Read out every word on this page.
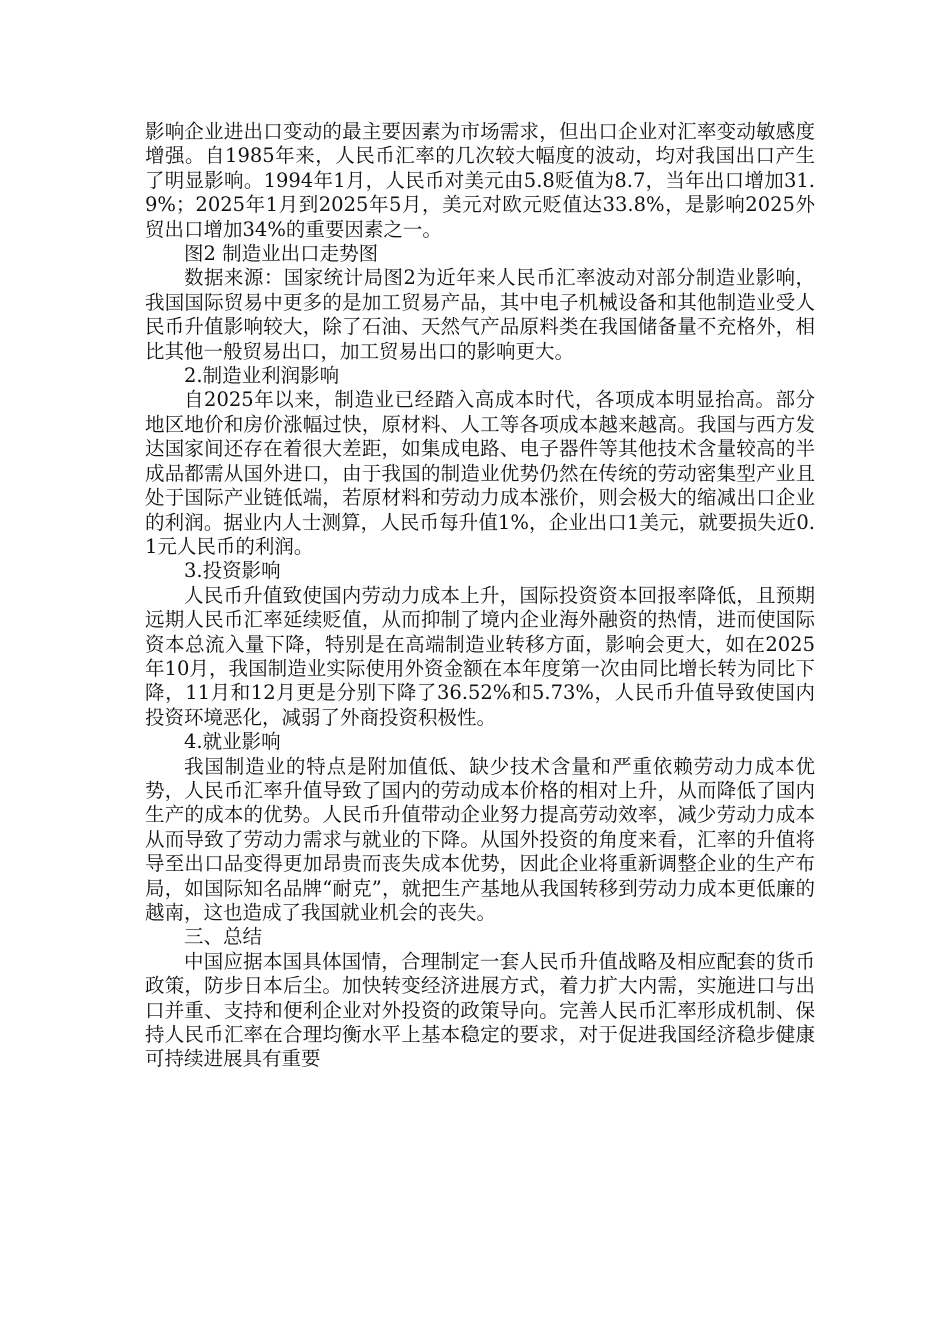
影响企业进出口变动的最主要因素为市场需求，但出口企业对汇率变动敏感度增强。自1985年来，人民币汇率的几次较大幅度的波动，均对我国出口产生了明显影响。1994年1月，人民币对美元由5.8贬值为8.7，当年出口增加31.9%；2025年1月到2025年5月，美元对欧元贬值达33.8%，是影响2025外贸出口增加34%的重要因素之一。

图2 制造业出口走势图

数据来源：国家统计局图2为近年来人民币汇率波动对部分制造业影响，我国国际贸易中更多的是加工贸易产品，其中电子机械设备和其他制造业受人民币升值影响较大，除了石油、天然气产品原料类在我国储备量不充格外，相比其他一般贸易出口，加工贸易出口的影响更大。

2.制造业利润影响

自2025年以来，制造业已经踏入高成本时代，各项成本明显抬高。部分地区地价和房价涨幅过快，原材料、人工等各项成本越来越高。我国与西方发达国家间还存在着很大差距，如集成电路、电子器件等其他技术含量较高的半成品都需从国外进口，由于我国的制造业优势仍然在传统的劳动密集型产业且处于国际产业链低端，若原材料和劳动力成本涨价，则会极大的缩减出口企业的利润。据业内人士测算，人民币每升值1%，企业出口1美元，就要损失近0.1元人民币的利润。

3.投资影响

人民币升值致使国内劳动力成本上升，国际投资资本回报率降低，且预期远期人民币汇率延续贬值，从而抑制了境内企业海外融资的热情，进而使国际资本总流入量下降，特别是在高端制造业转移方面，影响会更大，如在2025年10月，我国制造业实际使用外资金额在本年度第一次由同比增长转为同比下降，11月和12月更是分别下降了36.52%和5.73%，人民币升值导致使国内投资环境恶化，减弱了外商投资积极性。

4.就业影响

我国制造业的特点是附加值低、缺少技术含量和严重依赖劳动力成本优势，人民币汇率升值导致了国内的劳动成本价格的相对上升，从而降低了国内生产的成本的优势。人民币升值带动企业努力提高劳动效率，减少劳动力成本从而导致了劳动力需求与就业的下降。从国外投资的角度来看，汇率的升值将导至出口品变得更加昂贵而丧失成本优势，因此企业将重新调整企业的生产布局，如国际知名品牌“耐克”，就把生产基地从我国转移到劳动力成本更低廉的越南，这也造成了我国就业机会的丧失。

三、总结

中国应据本国具体国情，合理制定一套人民币升值战略及相应配套的货币政策，防步日本后尘。加快转变经济进展方式，着力扩大内需，实施进口与出口并重、支持和便利企业对外投资的政策导向。完善人民币汇率形成机制、保持人民币汇率在合理均衡水平上基本稳定的要求，对于促进我国经济稳步健康可持续进展具有重要
